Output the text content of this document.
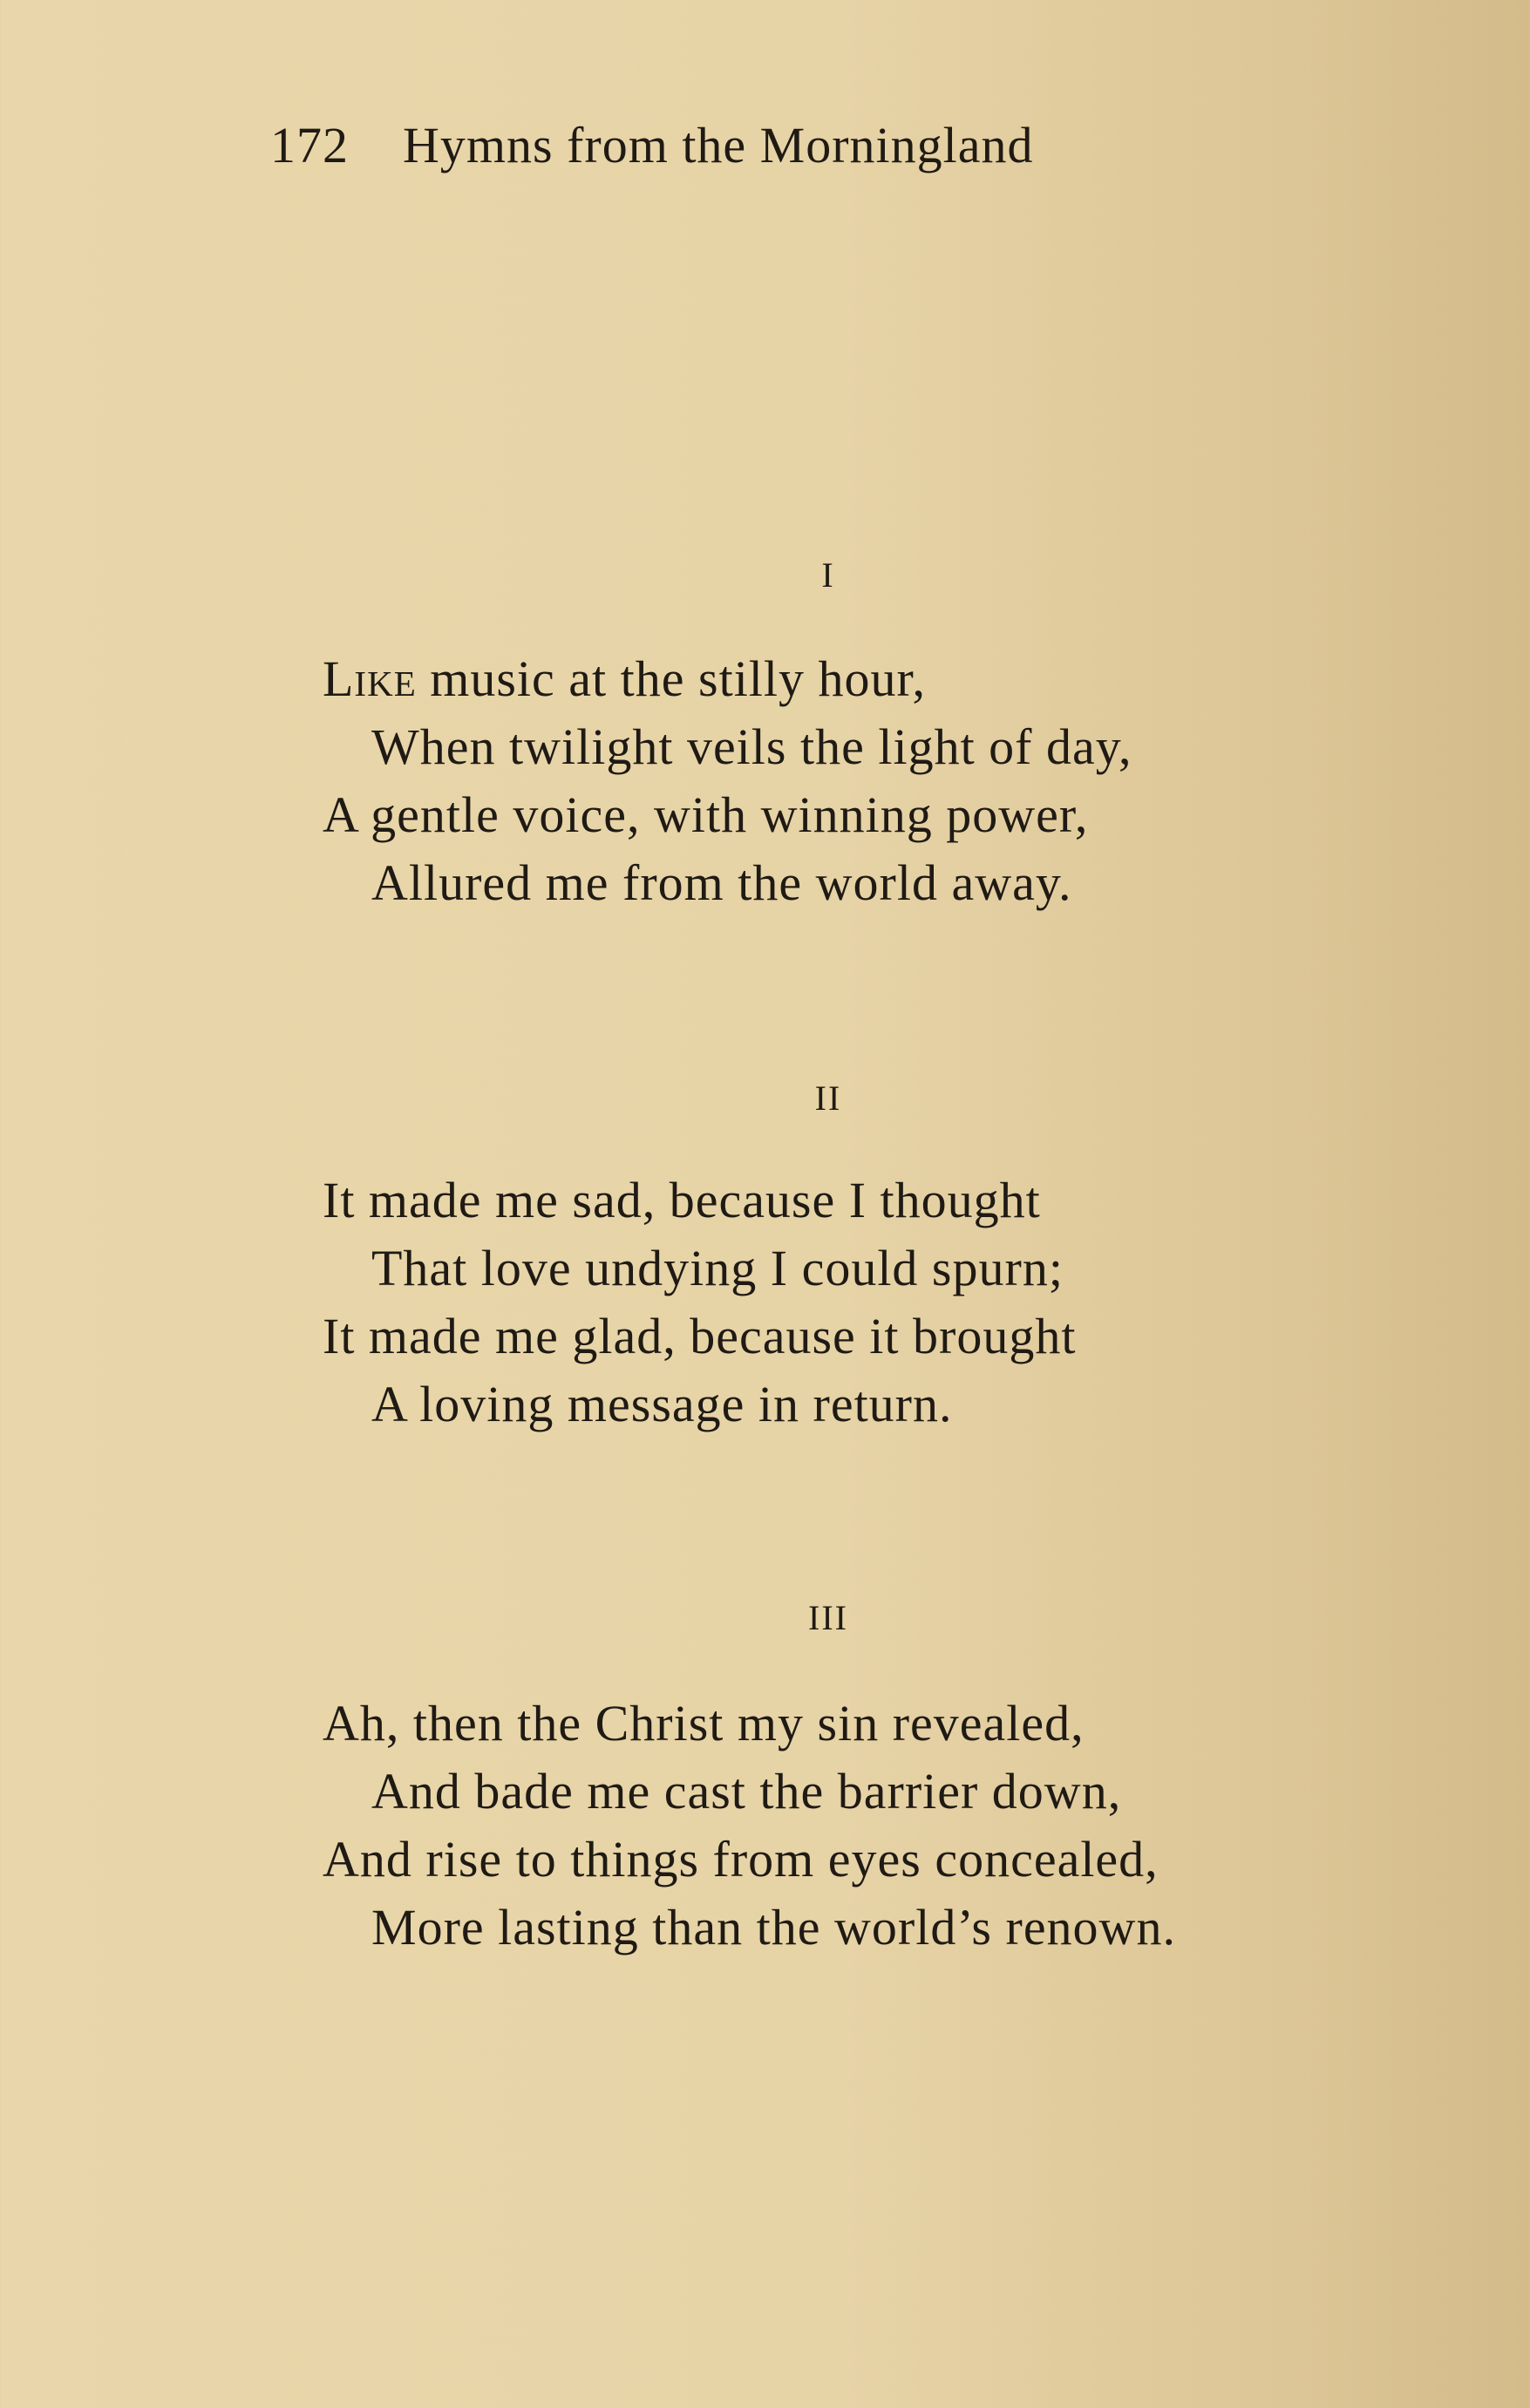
172 Hymns from the Morningland
I
Like music at the stilly hour,
When twilight veils the light of day,
A gentle voice, with winning power,
Allured me from the world away.
II
It made me sad, because I thought
That love undying I could spurn;
It made me glad, because it brought
A loving message in return.
III
Ah, then the Christ my sin revealed,
And bade me cast the barrier down,
And rise to things from eyes concealed,
More lasting than the world’s renown.
